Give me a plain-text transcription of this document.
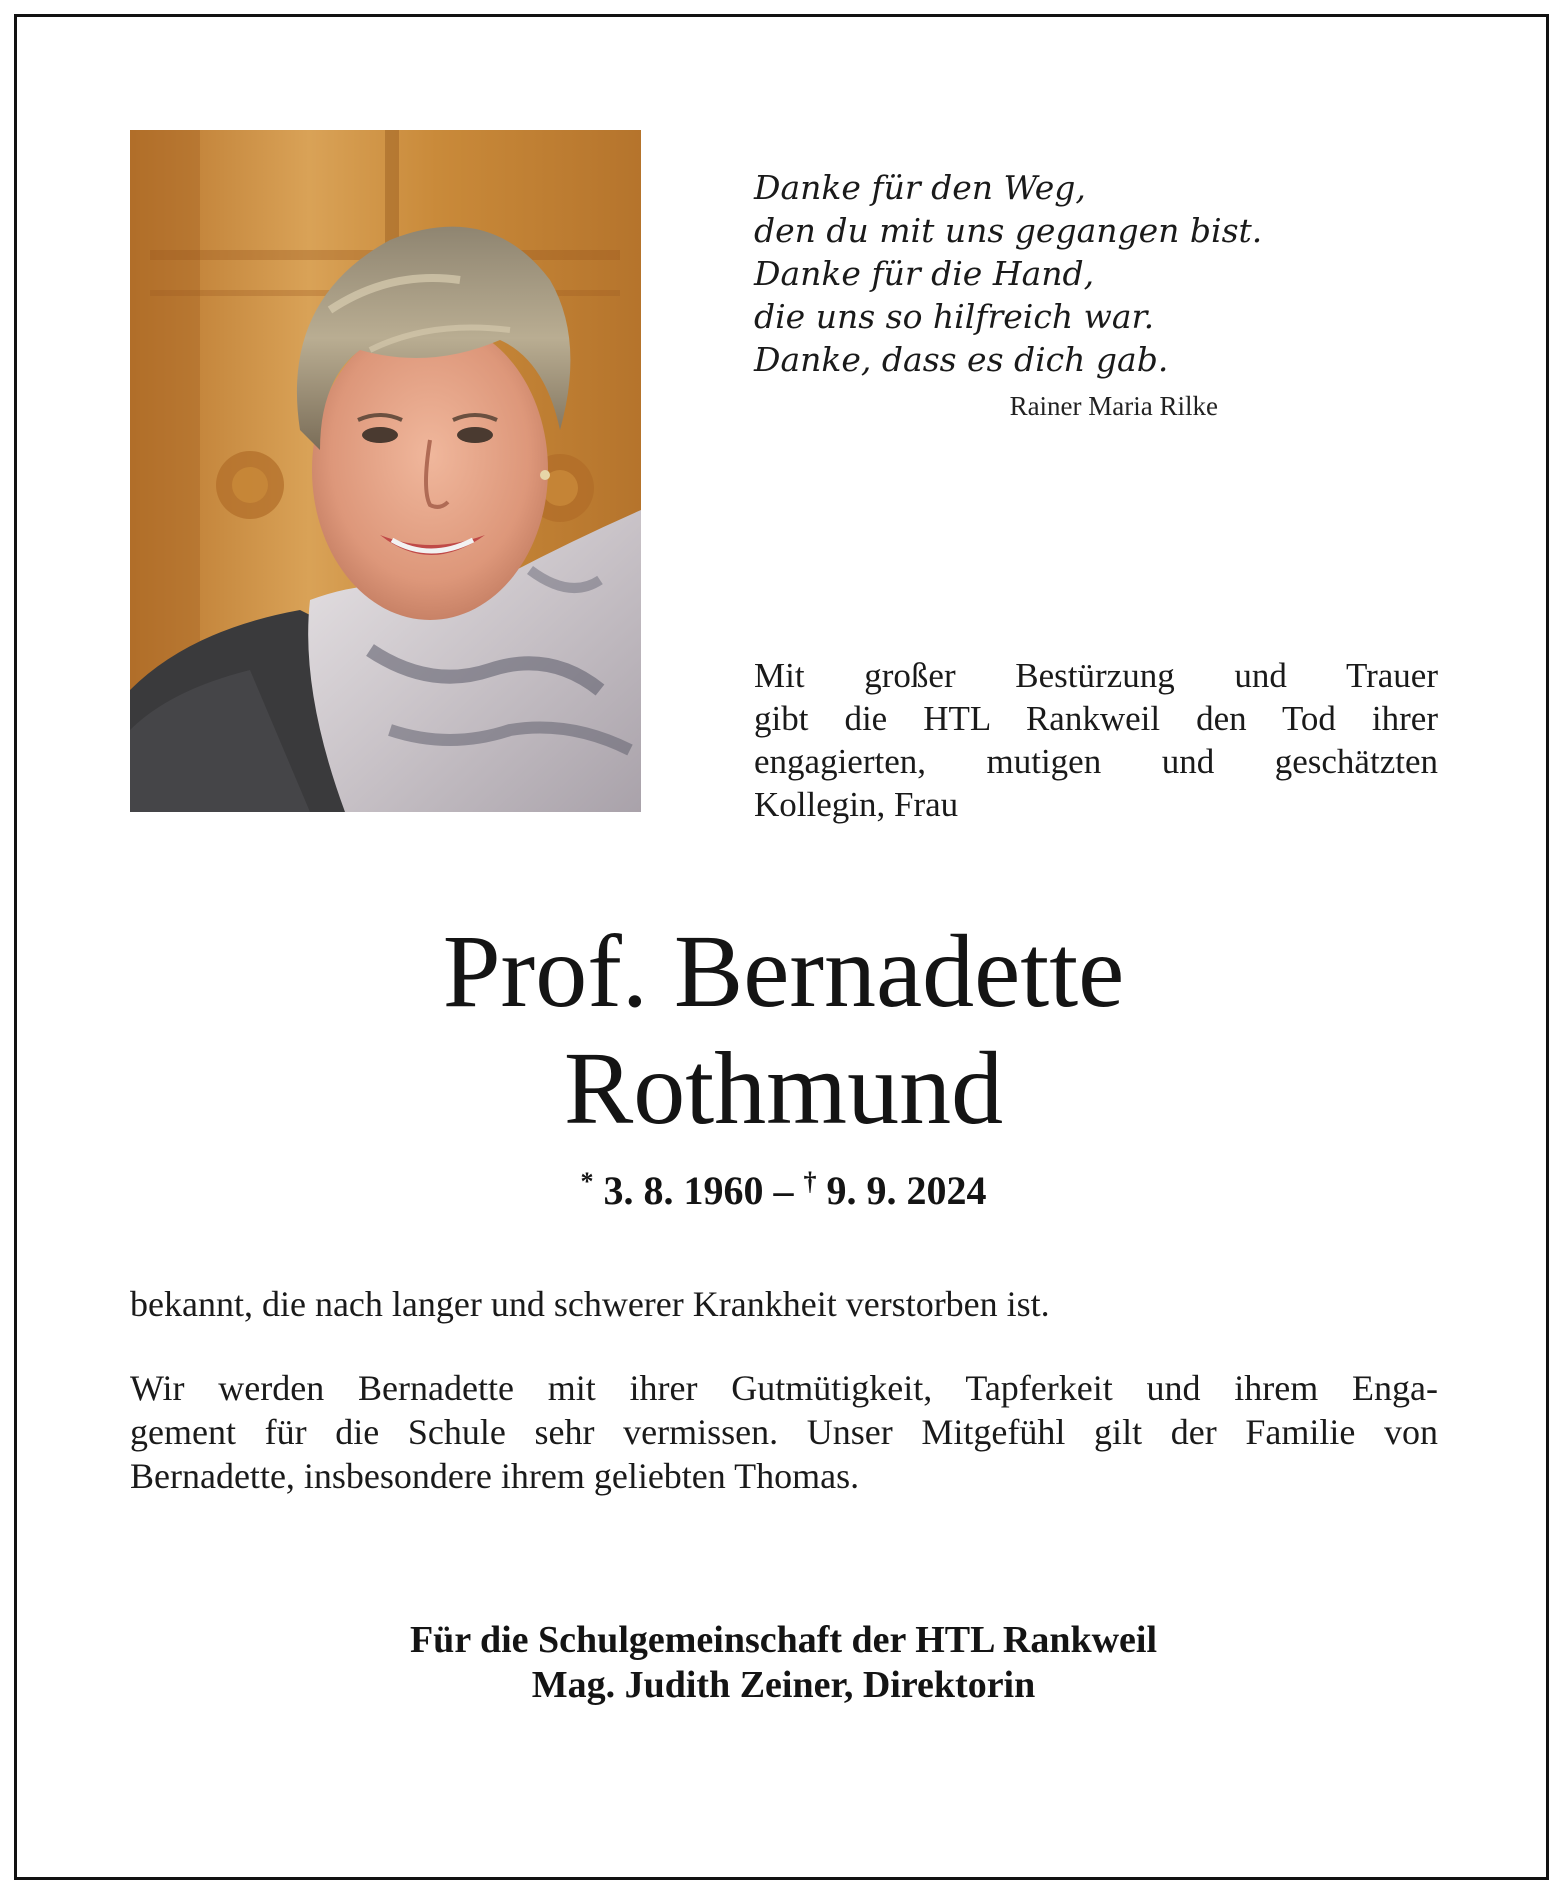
Danke für den Weg,
den du mit uns gegangen bist.
Danke für die Hand,
die uns so hilfreich war.
Danke, dass es dich gab.
Rainer Maria Rilke
Mit großer Bestürzung und Trauer
gibt die HTL Rankweil den Tod ihrer
engagierten, mutigen und geschätzten
Kollegin, Frau
Prof. Bernadette
Rothmund
* 3. 8. 1960 – † 9. 9. 2024
bekannt, die nach langer und schwerer Krankheit verstorben ist.
Wir werden Bernadette mit ihrer Gutmütigkeit, Tapferkeit und ihrem Enga-
gement für die Schule sehr vermissen. Unser Mitgefühl gilt der Familie von
Bernadette, insbesondere ihrem geliebten Thomas.
Für die Schulgemeinschaft der HTL Rankweil
Mag. Judith Zeiner, Direktorin
